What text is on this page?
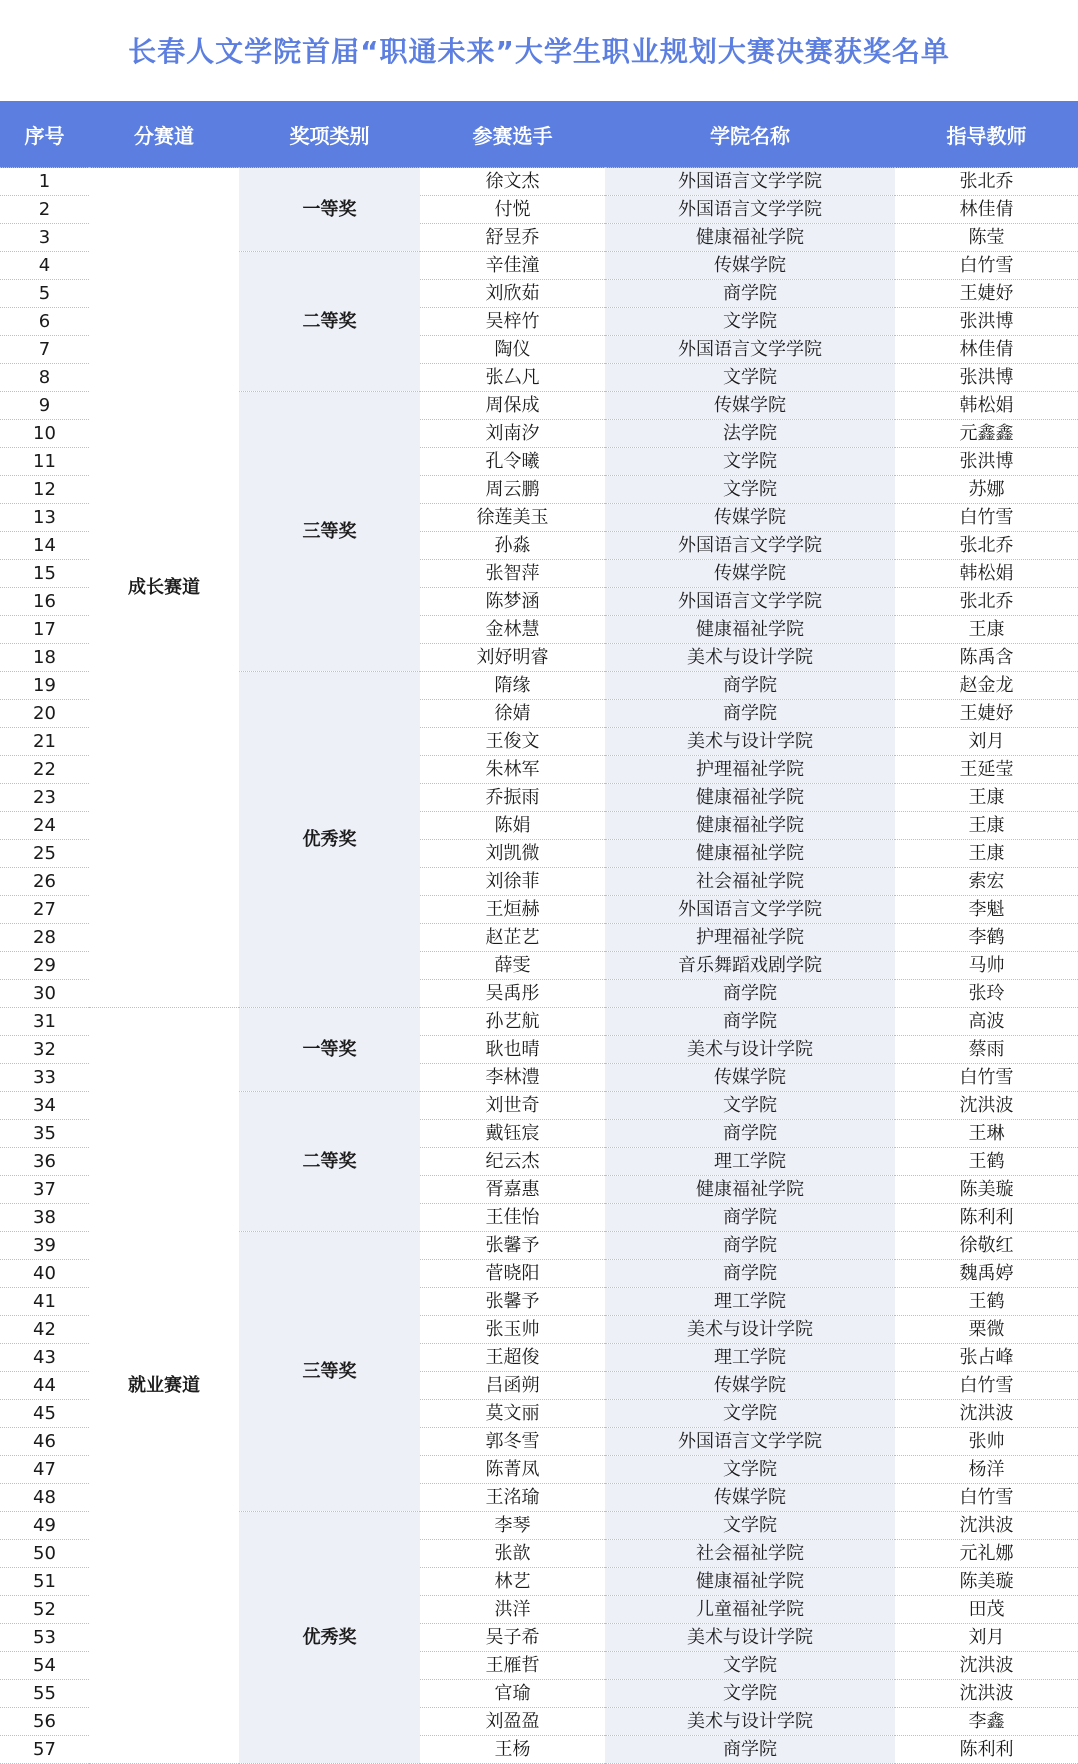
长春人文学院首届“职通未来”大学生职业规划大赛决赛获奖名单
序号	分赛道	奖项类别	参赛选手	学院名称	指导教师
1	成长赛道	一等奖	徐文杰	外国语言文学学院	张北乔
2			付悦	外国语言文学学院	林佳倩
3			舒昱乔	健康福祉学院	陈莹
4		二等奖	辛佳潼	传媒学院	白竹雪
5			刘欣茹	商学院	王婕妤
6			吴梓竹	文学院	张洪博
7			陶仪	外国语言文学学院	林佳倩
8			张厶凡	文学院	张洪博
9		三等奖	周保成	传媒学院	韩松娟
10			刘南汐	法学院	元鑫鑫
11			孔令曦	文学院	张洪博
12			周云鹏	文学院	苏娜
13			徐莲美玉	传媒学院	白竹雪
14			孙淼	外国语言文学学院	张北乔
15			张智萍	传媒学院	韩松娟
16			陈梦涵	外国语言文学学院	张北乔
17			金林慧	健康福祉学院	王康
18			刘妤明睿	美术与设计学院	陈禹含
19		优秀奖	隋缘	商学院	赵金龙
20			徐婧	商学院	王婕妤
21			王俊文	美术与设计学院	刘月
22			朱林军	护理福祉学院	王延莹
23			乔振雨	健康福祉学院	王康
24			陈娟	健康福祉学院	王康
25			刘凯微	健康福祉学院	王康
26			刘徐菲	社会福祉学院	索宏
27			王烜赫	外国语言文学学院	李魁
28			赵芷艺	护理福祉学院	李鹤
29			薛雯	音乐舞蹈戏剧学院	马帅
30			吴禹彤	商学院	张玲
31	就业赛道	一等奖	孙艺航	商学院	高波
32			耿也晴	美术与设计学院	蔡雨
33			李林澧	传媒学院	白竹雪
34		二等奖	刘世奇	文学院	沈洪波
35			戴钰宸	商学院	王琳
36			纪云杰	理工学院	王鹤
37			胥嘉惠	健康福祉学院	陈美璇
38			王佳怡	商学院	陈利利
39		三等奖	张馨予	商学院	徐敬红
40			菅晓阳	商学院	魏禹婷
41			张馨予	理工学院	王鹤
42			张玉帅	美术与设计学院	栗微
43			王超俊	理工学院	张占峰
44			吕函朔	传媒学院	白竹雪
45			莫文丽	文学院	沈洪波
46			郭冬雪	外国语言文学学院	张帅
47			陈菁凤	文学院	杨洋
48			王洺瑜	传媒学院	白竹雪
49		优秀奖	李琴	文学院	沈洪波
50			张歆	社会福祉学院	元礼娜
51			林艺	健康福祉学院	陈美璇
52			洪洋	儿童福祉学院	田茂
53			吴子希	美术与设计学院	刘月
54			王雁哲	文学院	沈洪波
55			官瑜	文学院	沈洪波
56			刘盈盈	美术与设计学院	李鑫
57			王杨	商学院	陈利利
